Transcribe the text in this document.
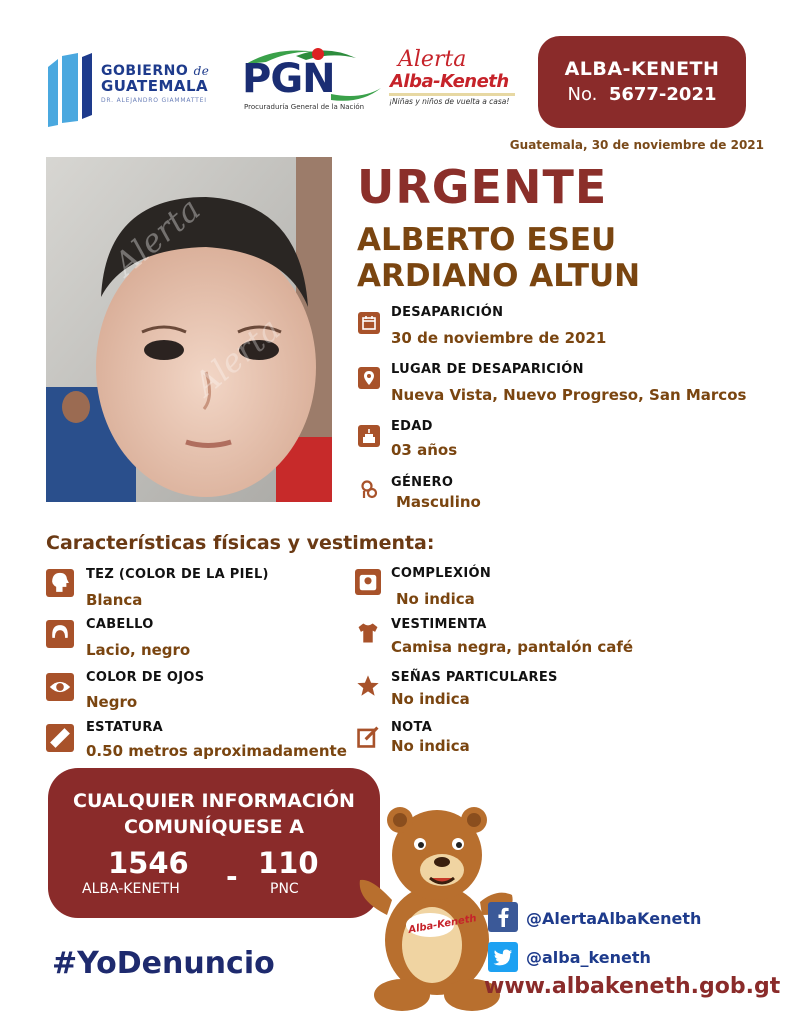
GOBIERNO de
GUATEMALA
DR. ALEJANDRO GIAMMATTEI PGN
Procuraduría General de la Nación
Alerta
Alba-Keneth
¡Niñas y niños de vuelta a casa!
ALBA-KENETH
No. 5677-2021
Guatemala, 30 de noviembre de 2021
Alerta
Alerta
URGENTE
ALBERTO ESEU
ARDIANO ALTUN
DESAPARICIÓN
30 de noviembre de 2021
LUGAR DE DESAPARICIÓN
Nueva Vista, Nuevo Progreso, San Marcos
EDAD
03 años
GÉNERO
Masculino
Características físicas y vestimenta:
TEZ (COLOR DE LA PIEL)
Blanca
CABELLO
Lacio, negro
COLOR DE OJOS
Negro
ESTATURA
0.50 metros aproximadamente
COMPLEXIÓN
No indica
VESTIMENTA
Camisa negra, pantalón café
SEÑAS PARTICULARES
No indica
NOTA
No indica
CUALQUIER INFORMACIÓN
COMUNÍQUESE A
1546
ALBA-KENETH - 110
PNC
#YoDenuncio
Alba-Keneth	@AlertaAlbaKeneth
@alba_keneth
www.albakeneth.gob.gt
